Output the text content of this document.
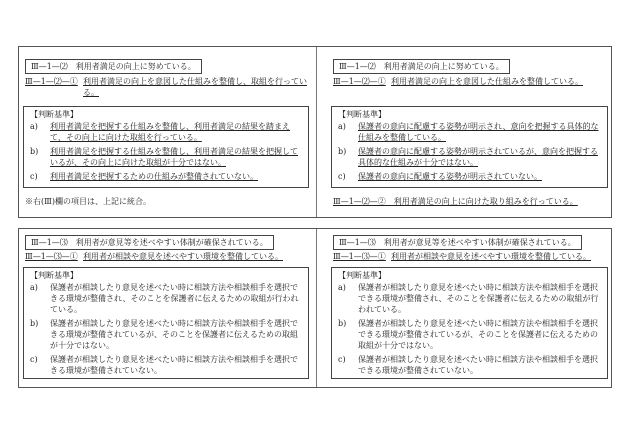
Ⅲ—1—⑵　利用者満足の向上に努めている。
Ⅲ—1—⑵—① 利用者満足の向上を意図した仕組みを整備し、取組を行っている。
【判断基準】
a) 利用者満足を把握する仕組みを整備し、利用者満足の結果を踏まえて、その向上に向けた取組を行っている。
b) 利用者満足を把握する仕組みを整備し、利用者満足の結果を把握しているが、その向上に向けた取組が十分ではない。
c) 利用者満足を把握するための仕組みが整備されていない。
※右(Ⅲ)欄の項目は、上記に統合。
Ⅲ—1—⑵　利用者満足の向上に努めている。
Ⅲ—1—⑵—① 利用者満足の向上を意図した仕組みを整備している。
【判断基準】
a) 保護者の意向に配慮する姿勢が明示され、意向を把握する具体的な仕組みを整備している。
b) 保護者の意向に配慮する姿勢が明示されているが、意向を把握する具体的な仕組みが十分ではない。
c) 保護者の意向に配慮する姿勢が明示されていない。
Ⅲ—1—⑵—②　利用者満足の向上に向けた取り組みを行っている。
Ⅲ—1—⑶　利用者が意見等を述べやすい体制が確保されている。
Ⅲ—1—⑶—① 利用者が相談や意見を述べやすい環境を整備している。
【判断基準】
a) 保護者が相談したり意見を述べたい時に相談方法や相談相手を選択できる環境が整備され、そのことを保護者に伝えるための取組が行われている。
b) 保護者が相談したり意見を述べたい時に相談方法や相談相手を選択できる環境が整備されているが、そのことを保護者に伝えるための取組が十分ではない。
c) 保護者が相談したり意見を述べたい時に相談方法や相談相手を選択できる環境が整備されていない。
Ⅲ—1—⑶　利用者が意見等を述べやすい体制が確保されている。
Ⅲ—1—⑶—① 利用者が相談や意見を述べやすい環境を整備している。
【判断基準】
a) 保護者が相談したり意見を述べたい時に相談方法や相談相手を選択できる環境が整備され、そのことを保護者に伝えるための取組が行われている。
b) 保護者が相談したり意見を述べたい時に相談方法や相談相手を選択できる環境が整備されているが、そのことを保護者に伝えるための取組が十分ではない。
c) 保護者が相談したり意見を述べたい時に相談方法や相談相手を選択できる環境が整備されていない。
